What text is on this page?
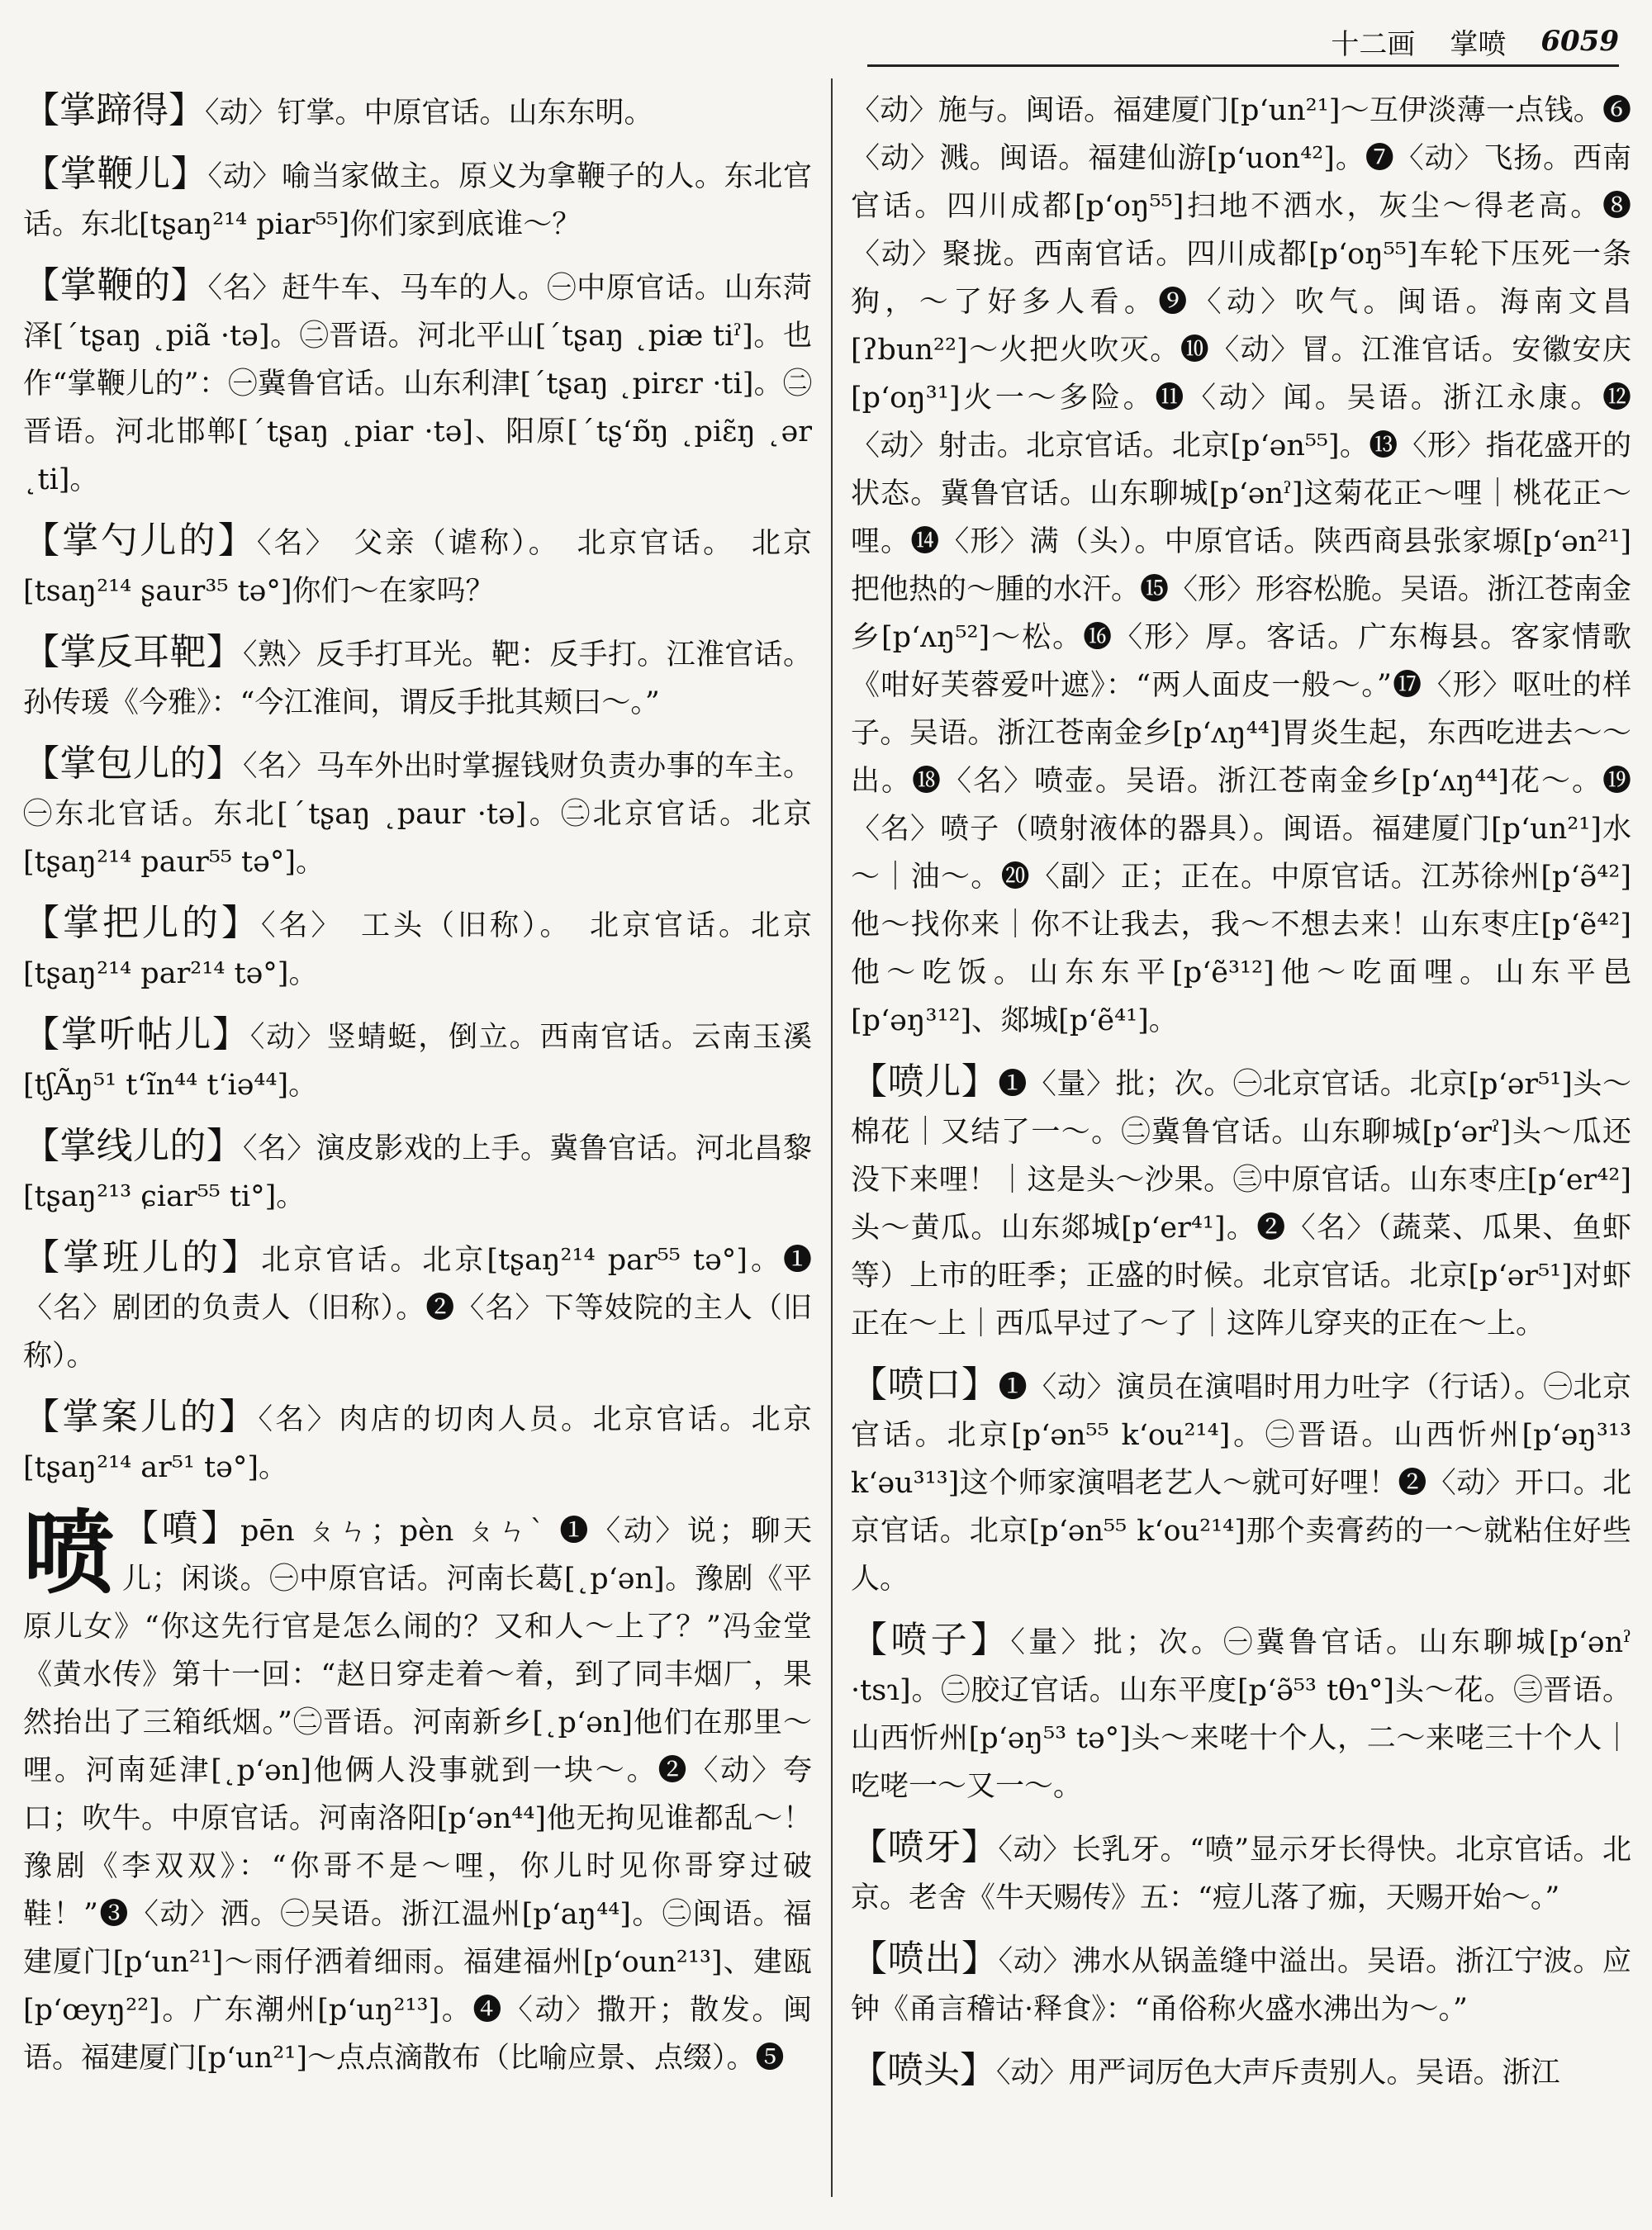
十二画 掌喷 6059

【掌蹄得】〈动〉钉掌。中原官话。山东东明。

【掌鞭儿】〈动〉喻当家做主。原义为拿鞭子的人。东北官话。东北[tʂaŋ²¹⁴ piar⁵⁵]你们家到底谁～？

【掌鞭的】〈名〉赶牛车、马车的人。㊀中原官话。山东菏泽[ˊtʂaŋ ˛piã ·tə]。㊁晋语。河北平山[ˊtʂaŋ ˛piæ tiˀ]。也作“掌鞭儿的”：㊀冀鲁官话。山东利津[ˊtʂaŋ ˛pirɛr ·ti]。㊁晋语。河北邯郸[ˊtʂaŋ ˛piar ·tə]、阳原[ˊtʂ‘ɒ̃ŋ ˛piɛ̃ŋ ˛ər ˛ti]。

【掌勺儿的】〈名〉　父亲（谑称）。　北京官话。　北京[tsaŋ²¹⁴ ʂaur³⁵ tə°]你们～在家吗？

【掌反耳靶】〈熟〉反手打耳光。靶：反手打。江淮官话。孙传瑗《今雅》：“今江淮间，谓反手批其颊曰～。”

【掌包儿的】〈名〉马车外出时掌握钱财负责办事的车主。㊀东北官话。东北[ˊtʂaŋ ˛paur ·tə]。㊁北京官话。北京[tʂaŋ²¹⁴ paur⁵⁵ tə°]。

【掌把儿的】〈名〉　工头（旧称）。　北京官话。北京[tʂaŋ²¹⁴ par²¹⁴ tə°]。

【掌听帖儿】〈动〉竖蜻蜓，倒立。西南官话。云南玉溪[tʃÃŋ⁵¹ t‘ĩn⁴⁴ t‘iə⁴⁴]。

【掌线儿的】〈名〉演皮影戏的上手。冀鲁官话。河北昌黎[tʂaŋ²¹³ ɕiar⁵⁵ ti°]。

【掌班儿的】北京官话。北京[tʂaŋ²¹⁴ par⁵⁵ tə°]。❶〈名〉剧团的负责人（旧称）。❷〈名〉下等妓院的主人（旧称）。

【掌案儿的】〈名〉肉店的切肉人员。北京官话。北京[tʂaŋ²¹⁴ ar⁵¹ tə°]。

喷 【噴】pēn ㄆㄣ；pèn ㄆㄣˋ ❶〈动〉说；聊天儿；闲谈。㊀中原官话。河南长葛[˛p‘ən]。豫剧《平原儿女》“你这先行官是怎么闹的？又和人～上了？”冯金堂《黄水传》第十一回：“赵日穿走着～着，到了同丰烟厂，果然抬出了三箱纸烟。”㊁晋语。河南新乡[˛p‘ən]他们在那里～哩。河南延津[˛p‘ən]他俩人没事就到一块～。❷〈动〉夸口；吹牛。中原官话。河南洛阳[p‘ən⁴⁴]他无拘见谁都乱～！豫剧《李双双》：“你哥不是～哩，你儿时见你哥穿过破鞋！”❸〈动〉洒。㊀吴语。浙江温州[p‘aŋ⁴⁴]。㊁闽语。福建厦门[p‘un²¹]～雨仔洒着细雨。福建福州[p‘oun²¹³]、建瓯[p‘œyŋ²²]。广东潮州[p‘uŋ²¹³]。❹〈动〉撒开；散发。闽语。福建厦门[p‘un²¹]～点点滴散布（比喻应景、点缀）。❺

〈动〉施与。闽语。福建厦门[p‘un²¹]～互伊淡薄一点钱。❻〈动〉溅。闽语。福建仙游[p‘uon⁴²]。❼〈动〉飞扬。西南官话。四川成都[p‘oŋ⁵⁵]扫地不洒水，灰尘～得老高。❽〈动〉聚拢。西南官话。四川成都[p‘oŋ⁵⁵]车轮下压死一条狗，～了好多人看。❾〈动〉吹气。闽语。海南文昌[ʔbun²²]～火把火吹灭。❿〈动〉冒。江淮官话。安徽安庆[p‘oŋ³¹]火一～多险。⓫〈动〉闻。吴语。浙江永康。⓬〈动〉射击。北京官话。北京[p‘ən⁵⁵]。⓭〈形〉指花盛开的状态。冀鲁官话。山东聊城[p‘ənˀ]这菊花正～哩｜桃花正～哩。⓮〈形〉满（头）。中原官话。陕西商县张家塬[p‘ən²¹]把他热的～腫的水汗。⓯〈形〉形容松脆。吴语。浙江苍南金乡[p‘ʌŋ⁵²]～松。⓰〈形〉厚。客话。广东梅县。客家情歌《咁好芙蓉爱叶遮》：“两人面皮一般～。”⓱〈形〉呕吐的样子。吴语。浙江苍南金乡[p‘ʌŋ⁴⁴]胃炎生起，东西吃进去～～出。⓲〈名〉喷壶。吴语。浙江苍南金乡[p‘ʌŋ⁴⁴]花～。⓳〈名〉喷子（喷射液体的器具）。闽语。福建厦门[p‘un²¹]水～｜油～。⓴〈副〉正；正在。中原官话。江苏徐州[p‘ə̃⁴²]他～找你来｜你不让我去，我～不想去来！山东枣庄[p‘ẽ⁴²]他～吃饭。山东东平[p‘ẽ³¹²]他～吃面哩。山东平邑[p‘əŋ³¹²]、郯城[p‘ẽ⁴¹]。

【喷儿】❶〈量〉批；次。㊀北京官话。北京[p‘ər⁵¹]头～棉花｜又结了一～。㊁冀鲁官话。山东聊城[p‘ərˀ]头～瓜还没下来哩！｜这是头～沙果。㊂中原官话。山东枣庄[p‘er⁴²]头～黄瓜。山东郯城[p‘er⁴¹]。❷〈名〉（蔬菜、瓜果、鱼虾等）上市的旺季；正盛的时候。北京官话。北京[p‘ər⁵¹]对虾正在～上｜西瓜早过了～了｜这阵儿穿夹的正在～上。

【喷口】❶〈动〉演员在演唱时用力吐字（行话）。㊀北京官话。北京[p‘ən⁵⁵ k‘ou²¹⁴]。㊁晋语。山西忻州[p‘əŋ³¹³ k‘əu³¹³]这个师家演唱老艺人～就可好哩！❷〈动〉开口。北京官话。北京[p‘ən⁵⁵ k‘ou²¹⁴]那个卖膏药的一～就粘住好些人。

【喷子】〈量〉批；次。㊀冀鲁官话。山东聊城[p‘ənˀ ·tsɿ]。㊁胶辽官话。山东平度[p‘ə̃⁵³ tθɿ°]头～花。㊂晋语。山西忻州[p‘əŋ⁵³ tə°]头～来咾十个人，二～来咾三十个人｜吃咾一～又一～。

【喷牙】〈动〉长乳牙。“喷”显示牙长得快。北京官话。北京。老舍《牛天赐传》五：“痘儿落了痂，天赐开始～。”

【喷出】〈动〉沸水从锅盖缝中溢出。吴语。浙江宁波。应钟《甬言稽诂·释食》：“甬俗称火盛水沸出为～。”

【喷头】〈动〉用严词厉色大声斥责别人。吴语。浙江
